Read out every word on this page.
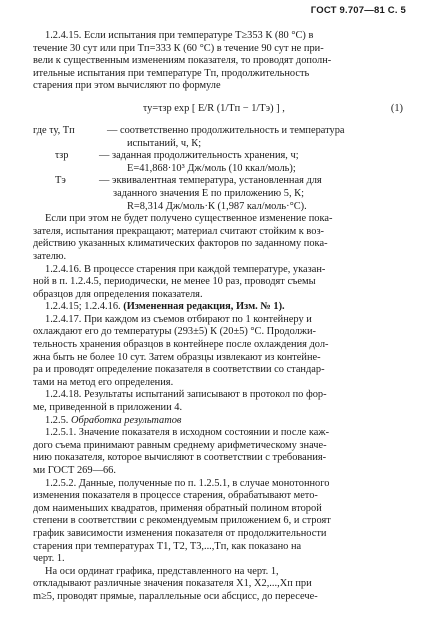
ГОСТ 9.707—81 С. 5

1.2.4.15. Если испытания при температуре T≥353 К (80 °С) в
течение 30 сут или при Tп=333 К (60 °С) в течение 90 сут не при-
вели к существенным изменениям показателя, то проводят дополн-
ительные испытания при температуре Tп, продолжительность
старения при этом вычисляют по формуле

τу=τзр exp [ E/R (1/Tп − 1/Tэ) ] ,	(1)
где τу, Tп	— соответственно продолжительность и температура
испытаний, ч, К;
τзр	— заданная продолжительность хранения, ч;
E=41,868·10³ Дж/моль (10 ккал/моль);
Tэ	— эквивалентная температура, установленная для
заданного значения E по приложению 5, К;
R=8,314 Дж/моль·К (1,987 кал/моль·°С).

Если при этом не будет получено существенное изменение пока-
зателя, испытания прекращают; материал считают стойким к воз-
действию указанных климатических факторов по заданному пока-
зателю.

1.2.4.16. В процессе старения при каждой температуре, указан-
ной в п. 1.2.4.5, периодически, не менее 10 раз, проводят съемы
образцов для определения показателя.

1.2.4.15; 1.2.4.16. (Измененная редакция, Изм. № 1).

1.2.4.17. При каждом из съемов отбирают по 1 контейнеру и
охлаждают его до температуры (293±5) К (20±5) °С. Продолжи-
тельность хранения образцов в контейнере после охлаждения дол-
жна быть не более 10 сут. Затем образцы извлекают из контейне-
ра и проводят определение показателя в соответствии со стандар-
тами на метод его определения.

1.2.4.18. Результаты испытаний записывают в протокол по фор-
ме, приведенной в приложении 4.

1.2.5. Обработка результатов

1.2.5.1. Значение показателя в исходном состоянии и после каж-
дого съема принимают равным среднему арифметическому значе-
нию показателя, которое вычисляют в соответствии с требования-
ми ГОСТ 269—66.

1.2.5.2. Данные, полученные по п. 1.2.5.1, в случае монотонного
изменения показателя в процессе старения, обрабатывают мето-
дом наименьших квадратов, применяя обратный полином второй
степени в соответствии с рекомендуемым приложением 6, и строят
график зависимости изменения показателя от продолжительности
старения при температурах T1, T2, T3,...,Tп, как показано на
черт. 1.

На оси ординат графика, представленного на черт. 1,
откладывают различные значения показателя X1, X2,...,Xп при
m≥5, проводят прямые, параллельные оси абсцисс, до пересече-
